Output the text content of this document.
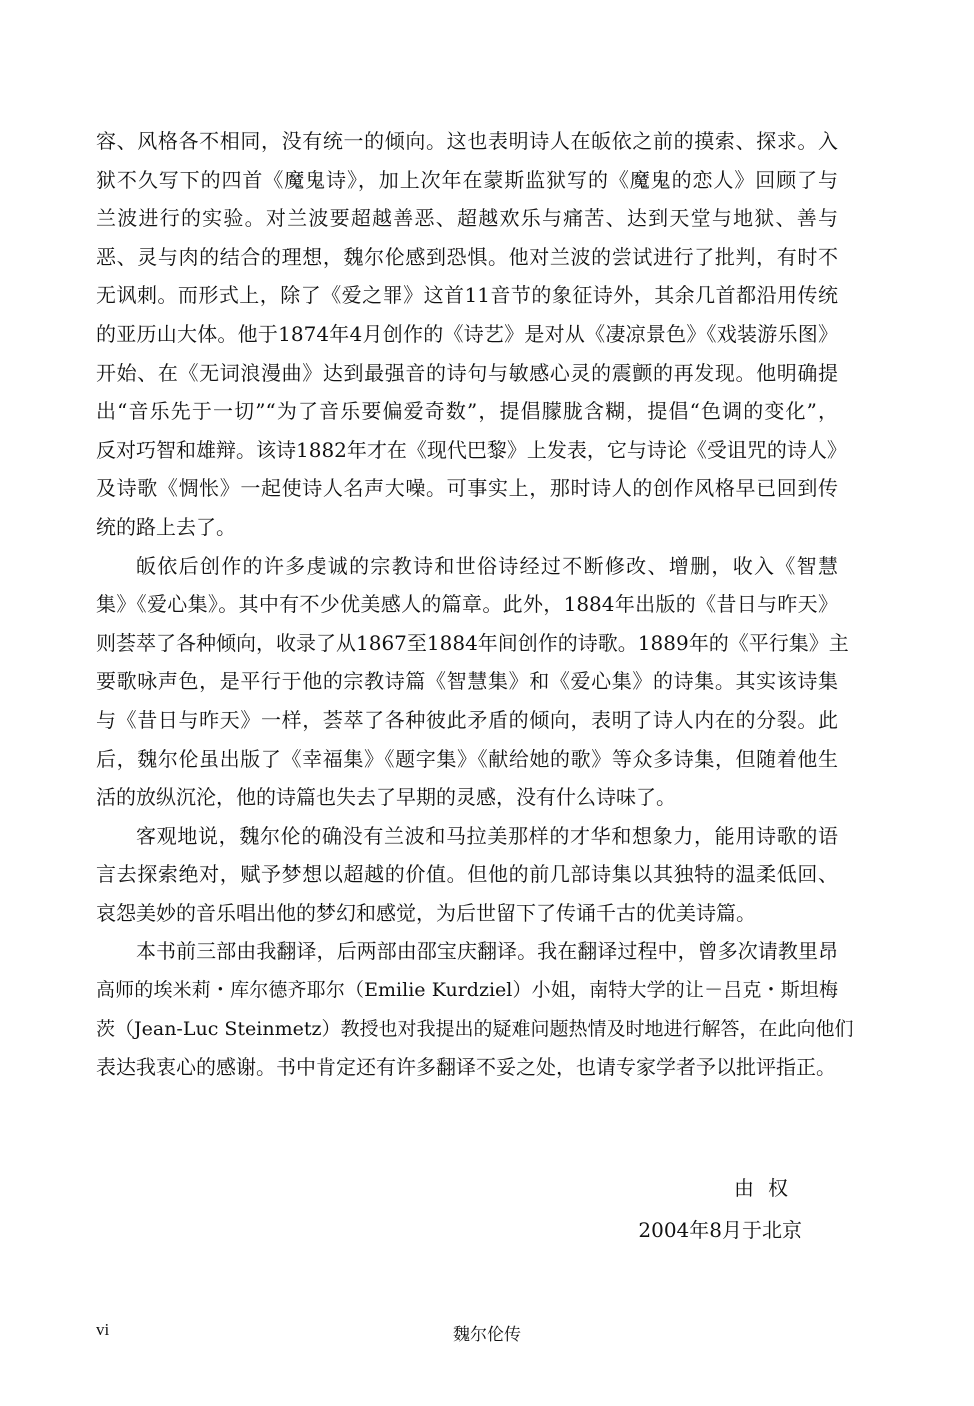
容、风格各不相同，没有统一的倾向。这也表明诗人在皈依之前的摸索、探求。入
狱不久写下的四首《魔鬼诗》，加上次年在蒙斯监狱写的《魔鬼的恋人》回顾了与
兰波进行的实验。对兰波要超越善恶、超越欢乐与痛苦、达到天堂与地狱、善与
恶、灵与肉的结合的理想，魏尔伦感到恐惧。他对兰波的尝试进行了批判，有时不
无讽刺。而形式上，除了《爱之罪》这首11音节的象征诗外，其余几首都沿用传统
的亚历山大体。他于1874年4月创作的《诗艺》是对从《凄凉景色》《戏装游乐图》
开始、在《无词浪漫曲》达到最强音的诗句与敏感心灵的震颤的再发现。他明确提
出“音乐先于一切”“为了音乐要偏爱奇数”，提倡朦胧含糊，提倡“色调的变化”，
反对巧智和雄辩。该诗1882年才在《现代巴黎》上发表，它与诗论《受诅咒的诗人》
及诗歌《惆怅》一起使诗人名声大噪。可事实上，那时诗人的创作风格早已回到传
统的路上去了。
皈依后创作的许多虔诚的宗教诗和世俗诗经过不断修改、增删，收入《智慧
集》《爱心集》。其中有不少优美感人的篇章。此外，1884年出版的《昔日与昨天》
则荟萃了各种倾向，收录了从1867至1884年间创作的诗歌。1889年的《平行集》主
要歌咏声色，是平行于他的宗教诗篇《智慧集》和《爱心集》的诗集。其实该诗集
与《昔日与昨天》一样，荟萃了各种彼此矛盾的倾向，表明了诗人内在的分裂。此
后，魏尔伦虽出版了《幸福集》《题字集》《献给她的歌》等众多诗集，但随着他生
活的放纵沉沦，他的诗篇也失去了早期的灵感，没有什么诗味了。
客观地说，魏尔伦的确没有兰波和马拉美那样的才华和想象力，能用诗歌的语
言去探索绝对，赋予梦想以超越的价值。但他的前几部诗集以其独特的温柔低回、
哀怨美妙的音乐唱出他的梦幻和感觉，为后世留下了传诵千古的优美诗篇。
本书前三部由我翻译，后两部由邵宝庆翻译。我在翻译过程中，曾多次请教里昂
高师的埃米莉・库尔德齐耶尔（Emilie Kurdziel）小姐，南特大学的让－吕克・斯坦梅
茨（Jean-Luc Steinmetz）教授也对我提出的疑难问题热情及时地进行解答，在此向他们
表达我衷心的感谢。书中肯定还有许多翻译不妥之处，也请专家学者予以批评指正。
由权
2004年8月于北京
vi	魏尔伦传
